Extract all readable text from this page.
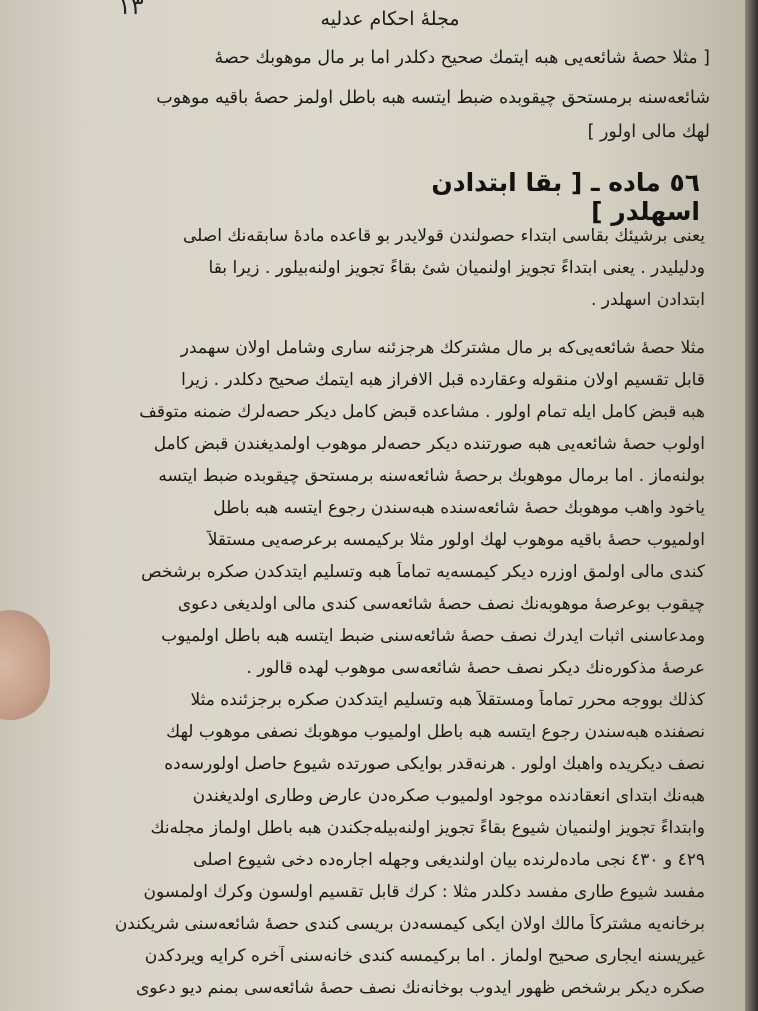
١٣	مجلهٔ احكام عدليه
[ مثلا حصهٔ شائعه‌يى هبه ايتمك صحيح دكلدر اما بر مال موهوبك حصهٔ
شائعه‌سنه برمستحق چيقوبده ضبط ايتسه هبه باطل اولمز حصهٔ باقيه موهوب
لهك مالى اولور ]
٥٦ ماده ـ [ بقا ابتدادن اسهلدر ]
يعنى برشيئك بقاسى ابتداء حصولندن قولايدر بو قاعده مادهٔ سابقه‌نك اصلى
ودليليدر . يعنى ابتداءً تجويز اولنميان شئ بقاءً تجويز اولنه‌بيلور . زيرا بقا
ابتدادن اسهلدر .
مثلا حصهٔ شائعه‌يى‌كه بر مال مشتركك هرجزئنه سارى وشامل اولان سهمدر
قابل تقسيم اولان منقوله وعقارده قبل الافراز هبه ايتمك صحيح دكلدر . زيرا
هبه قبض كامل ايله تمام اولور . مشاعده قبض كامل ديكر حصه‌لرك ضمنه متوقف
اولوب حصهٔ شائعه‌يى هبه صورتنده ديكر حصه‌لر موهوب اولمديغندن قبض كامل
بولنه‌ماز . اما برمال موهوبك برحصهٔ شائعه‌سنه برمستحق چيقوبده ضبط ايتسه
ياخود واهب موهوبك حصهٔ شائعه‌سنده هبه‌سندن رجوع ايتسه هبه باطل
اولميوب حصهٔ باقيه موهوب لهك اولور مثلا بركيمسه برعرصه‌يى مستقلاً
كندى مالى اولمق اوزره ديكر كيمسه‌يه تماماً هبه وتسليم ايتدكدن صكره برشخص
چيقوب بوعرصهٔ موهوبه‌نك نصف حصهٔ شائعه‌سى كندى مالى اولديغى دعوى
ومدعاسنى اثبات ايدرك نصف حصهٔ شائعه‌سنى ضبط ايتسه هبه باطل اولميوب
عرصهٔ مذكوره‌نك ديكر نصف حصهٔ شائعه‌سى موهوب لهده قالور .
كذلك بووجه محرر تماماً ومستقلاً هبه وتسليم ايتدكدن صكره برجزئنده مثلا
نصفنده هبه‌سندن رجوع ايتسه هبه باطل اولميوب موهوبك نصفى موهوب لهك
نصف ديكريده واهبك اولور . هرنه‌قدر بوايكى صورتده شيوع حاصل اولورسه‌ده
هبه‌نك ابتداى انعقادنده موجود اولميوب صكره‌دن عارض وطارى اولديغندن
وابتداءً تجويز اولنميان شيوع بقاءً تجويز اولنه‌بيله‌جكندن هبه باطل اولماز مجله‌نك
٤٢٩ و ٤٣٠ نجى ماده‌لرنده بيان اولنديغى وجهله اجاره‌ده دخى شيوع اصلى
مفسد شيوع طارى مفسد دكلدر مثلا : كرك قابل تقسيم اولسون وكرك اولمسون
برخانه‌يه مشتركاً مالك اولان ايكى كيمسه‌دن بريسى كندى حصهٔ شائعه‌سنى شريكندن
غيريسنه ايجارى صحيح اولماز . اما بركيمسه كندى خانه‌سنى آخره كرايه ويردكدن
صكره ديكر برشخص ظهور ايدوب بوخانه‌نك نصف حصهٔ شائعه‌سى بمنم ديو دعوى
